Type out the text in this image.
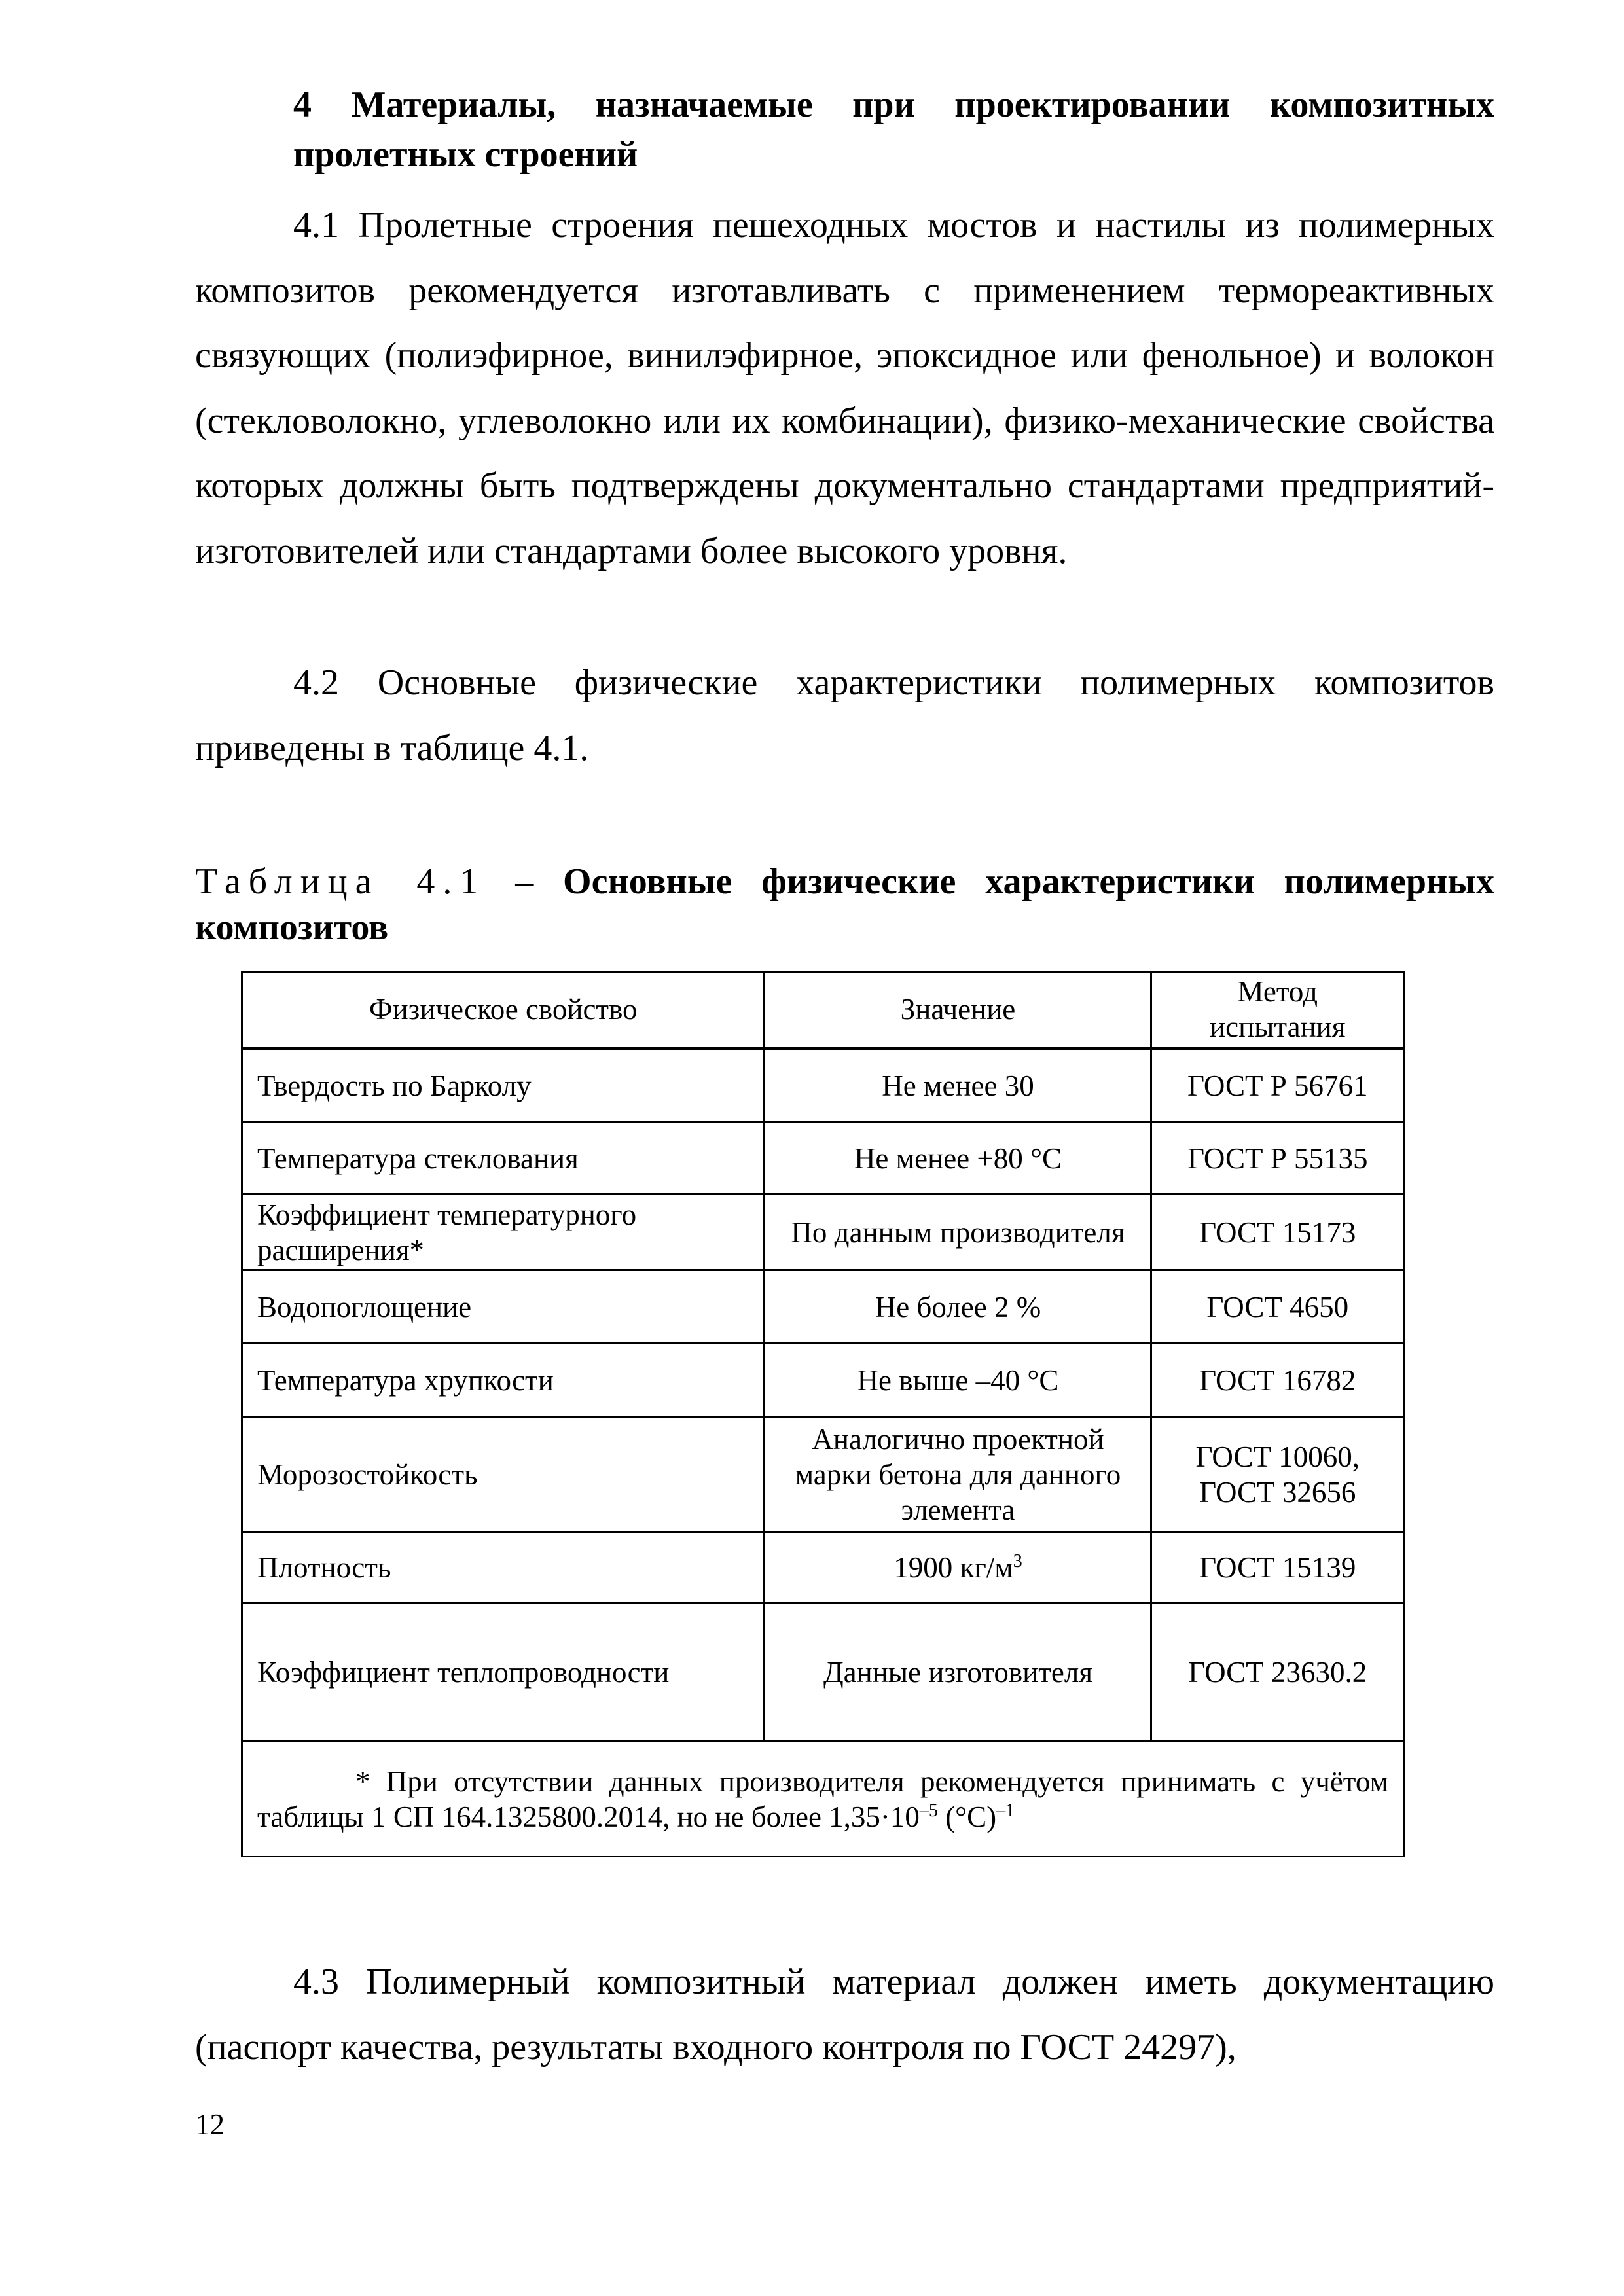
4 Материалы, назначаемые при проектировании композитных пролетных строений
4.1 Пролетные строения пешеходных мостов и настилы из полимерных композитов рекомендуется изготавливать с применением термореактивных связующих (полиэфирное, винилэфирное, эпоксидное или фенольное) и волокон (стекловолокно, углеволокно или их комбинации), физико-механические свойства которых должны быть подтверждены документально стандартами предприятий-изготовителей или стандартами более высокого уровня.
4.2 Основные физические характеристики полимерных композитов приведены в таблице 4.1.
Таблица 4.1 – Основные физические характеристики полимерных композитов
Физическое свойство	Значение	Метод
испытания
Твердость по Барколу	Не менее 30	ГОСТ Р 56761
Температура стеклования	Не менее +80 °С	ГОСТ Р 55135
Коэффициент температурного расширения*	По данным производителя	ГОСТ 15173
Водопоглощение	Не более 2 %	ГОСТ 4650
Температура хрупкости	Не выше –40 °С	ГОСТ 16782
Морозостойкость	Аналогично проектной марки бетона для данного элемента	ГОСТ 10060,
ГОСТ 32656
Плотность	1900 $кг/м^3$	ГОСТ 15139
Коэффициент теплопроводности	Данные изготовителя	ГОСТ 23630.2
* При отсутствии данных производителя рекомендуется принимать с учётом таблицы 1 СП 164.1325800.2014, но не более $1,35\cdot 10^{-5}$ $(^\circ С)^{-1}$
4.3 Полимерный композитный материал должен иметь документацию (паспорт качества, результаты входного контроля по ГОСТ 24297),
12
